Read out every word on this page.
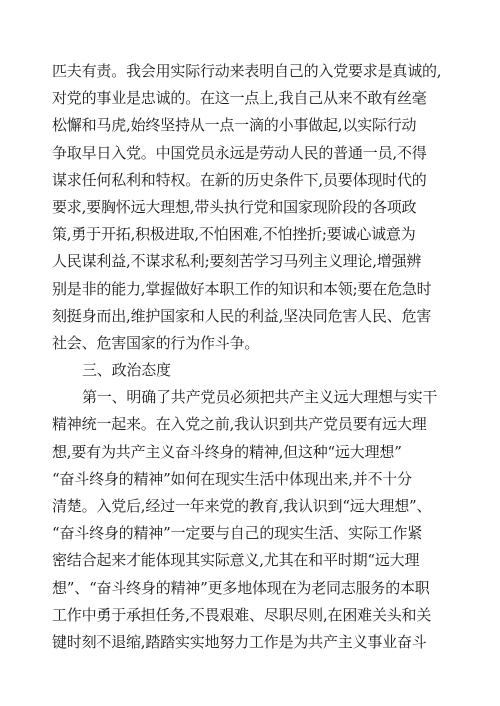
匹夫有责。我会用实际行动来表明自己的入党要求是真诚的,
对党的事业是忠诚的。在这一点上,我自己从来不敢有丝毫
松懈和马虎,始终坚持从一点一滴的小事做起,以实际行动
争取早日入党。中国党员永远是劳动人民的普通一员,不得
谋求任何私利和特权。在新的历史条件下,员要体现时代的
要求,要胸怀远大理想,带头执行党和国家现阶段的各项政
策,勇于开拓,积极进取,不怕困难,不怕挫折;要诚心诚意为
人民谋利益,不谋求私利;要刻苦学习马列主义理论,增强辨
别是非的能力,掌握做好本职工作的知识和本领;要在危急时
刻挺身而出,维护国家和人民的利益,坚决同危害人民、危害
社会、危害国家的行为作斗争。
三、政治态度
第一、明确了共产党员必须把共产主义远大理想与实干
精神统一起来。在入党之前,我认识到共产党员要有远大理
想,要有为共产主义奋斗终身的精神,但这种“远大理想”
“奋斗终身的精神”如何在现实生活中体现出来,并不十分
清楚。入党后,经过一年来党的教育,我认识到“远大理想”、
“奋斗终身的精神”一定要与自己的现实生活、实际工作紧
密结合起来才能体现其实际意义,尤其在和平时期“远大理
想”、“奋斗终身的精神”更多地体现在为老同志服务的本职
工作中勇于承担任务,不畏艰难、尽职尽则,在困难关头和关
键时刻不退缩,踏踏实实地努力工作是为共产主义事业奋斗
